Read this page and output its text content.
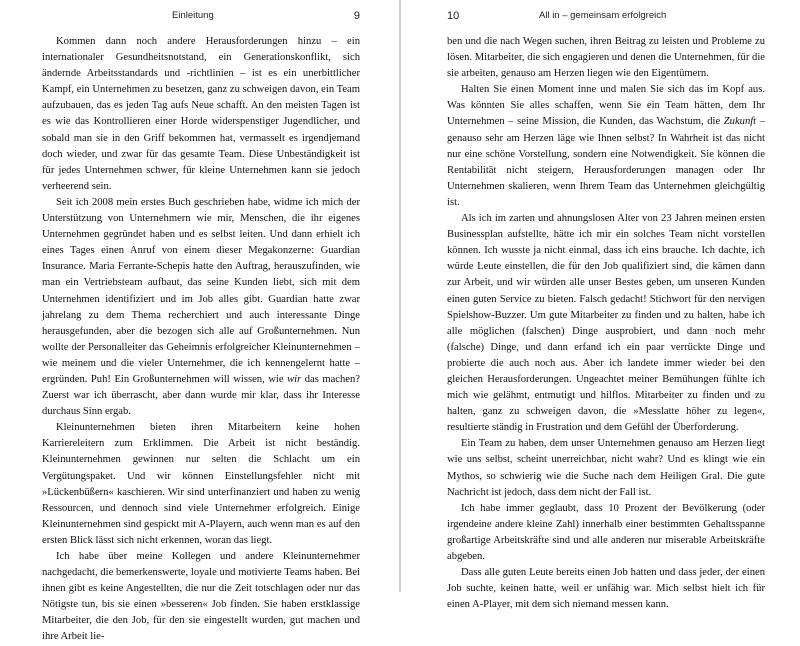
Einleitung	9

Kommen dann noch andere Herausforderungen hinzu – ein internationaler Gesundheitsnotstand, ein Generationskonflikt, sich ändernde Arbeitsstandards und -richtlinien – ist es ein unerbittlicher Kampf, ein Unternehmen zu besetzen, ganz zu schweigen davon, ein Team aufzubauen, das es jeden Tag aufs Neue schafft. An den meisten Tagen ist es wie das Kontrollieren einer Horde widerspenstiger Jugendlicher, und sobald man sie in den Griff bekommen hat, vermasselt es irgendjemand doch wieder, und zwar für das gesamte Team. Diese Unbeständigkeit ist für jedes Unternehmen schwer, für kleine Unternehmen kann sie jedoch verheerend sein.

Seit ich 2008 mein erstes Buch geschrieben habe, widme ich mich der Unterstützung von Unternehmern wie mir, Menschen, die ihr eigenes Unternehmen gegründet haben und es selbst leiten. Und dann erhielt ich eines Tages einen Anruf von einem dieser Megakonzerne: Guardian Insurance. Maria Ferrante-Schepis hatte den Auftrag, herauszufinden, wie man ein Vertriebsteam aufbaut, das seine Kunden liebt, sich mit dem Unternehmen identifiziert und im Job alles gibt. Guardian hatte zwar jahrelang zu dem Thema recherchiert und auch interessante Dinge herausgefunden, aber die bezogen sich alle auf Großunternehmen. Nun wollte der Personalleiter das Geheimnis erfolgreicher Kleinunternehmen – wie meinem und die vieler Unternehmer, die ich kennengelernt hatte – ergründen. Puh! Ein Großunternehmen will wissen, wie wir das machen? Zuerst war ich überrascht, aber dann wurde mir klar, dass ihr Interesse durchaus Sinn ergab.

Kleinunternehmen bieten ihren Mitarbeitern keine hohen Karriereleitern zum Erklimmen. Die Arbeit ist nicht beständig. Kleinunternehmen gewinnen nur selten die Schlacht um ein Vergütungspaket. Und wir können Einstellungsfehler nicht mit »Lückenbüßern« kaschieren. Wir sind unterfinanziert und haben zu wenig Ressourcen, und dennoch sind viele Unternehmer erfolgreich. Einige Kleinunternehmen sind gespickt mit A-Playern, auch wenn man es auf den ersten Blick lässt sich nicht erkennen, woran das liegt.

Ich habe über meine Kollegen und andere Kleinunternehmer nachgedacht, die bemerkenswerte, loyale und motivierte Teams haben. Bei ihnen gibt es keine Angestellten, die nur die Zeit totschlagen oder nur das Nötigste tun, bis sie einen »besseren« Job finden. Sie haben erstklassige Mitarbeiter, die den Job, für den sie eingestellt wurden, gut machen und ihre Arbeit lie-

10	All in – gemeinsam erfolgreich

ben und die nach Wegen suchen, ihren Beitrag zu leisten und Probleme zu lösen. Mitarbeiter, die sich engagieren und denen die Unternehmen, für die sie arbeiten, genauso am Herzen liegen wie den Eigentümern.

Halten Sie einen Moment inne und malen Sie sich das im Kopf aus. Was könnten Sie alles schaffen, wenn Sie ein Team hätten, dem Ihr Unternehmen – seine Mission, die Kunden, das Wachstum, die Zukunft – genauso sehr am Herzen läge wie Ihnen selbst? In Wahrheit ist das nicht nur eine schöne Vorstellung, sondern eine Notwendigkeit. Sie können die Rentabilität nicht steigern, Herausforderungen managen oder Ihr Unternehmen skalieren, wenn Ihrem Team das Unternehmen gleichgültig ist.

Als ich im zarten und ahnungslosen Alter von 23 Jahren meinen ersten Businessplan aufstellte, hätte ich mir ein solches Team nicht vorstellen können. Ich wusste ja nicht einmal, dass ich eins brauche. Ich dachte, ich würde Leute einstellen, die für den Job qualifiziert sind, die kämen dann zur Arbeit, und wir würden alle unser Bestes geben, um unseren Kunden einen guten Service zu bieten. Falsch gedacht! Stichwort für den nervigen Spielshow-Buzzer. Um gute Mitarbeiter zu finden und zu halten, habe ich alle möglichen (falschen) Dinge ausprobiert, und dann noch mehr (falsche) Dinge, und dann erfand ich ein paar verrückte Dinge und probierte die auch noch aus. Aber ich landete immer wieder bei den gleichen Herausforderungen. Ungeachtet meiner Bemühungen fühlte ich mich wie gelähmt, entmutigt und hilflos. Mitarbeiter zu finden und zu halten, ganz zu schweigen davon, die »Messlatte höher zu legen«, resultierte ständig in Frustration und dem Gefühl der Überforderung.

Ein Team zu haben, dem unser Unternehmen genauso am Herzen liegt wie uns selbst, scheint unerreichbar, nicht wahr? Und es klingt wie ein Mythos, so schwierig wie die Suche nach dem Heiligen Gral. Die gute Nachricht ist jedoch, dass dem nicht der Fall ist.

Ich habe immer geglaubt, dass 10 Prozent der Bevölkerung (oder irgendeine andere kleine Zahl) innerhalb einer bestimmten Gehaltsspanne großartige Arbeitskräfte sind und alle anderen nur miserable Arbeitskräfte abgeben.

Dass alle guten Leute bereits einen Job hatten und dass jeder, der einen Job suchte, keinen hatte, weil er unfähig war. Mich selbst hielt ich für einen A-Player, mit dem sich niemand messen kann.
